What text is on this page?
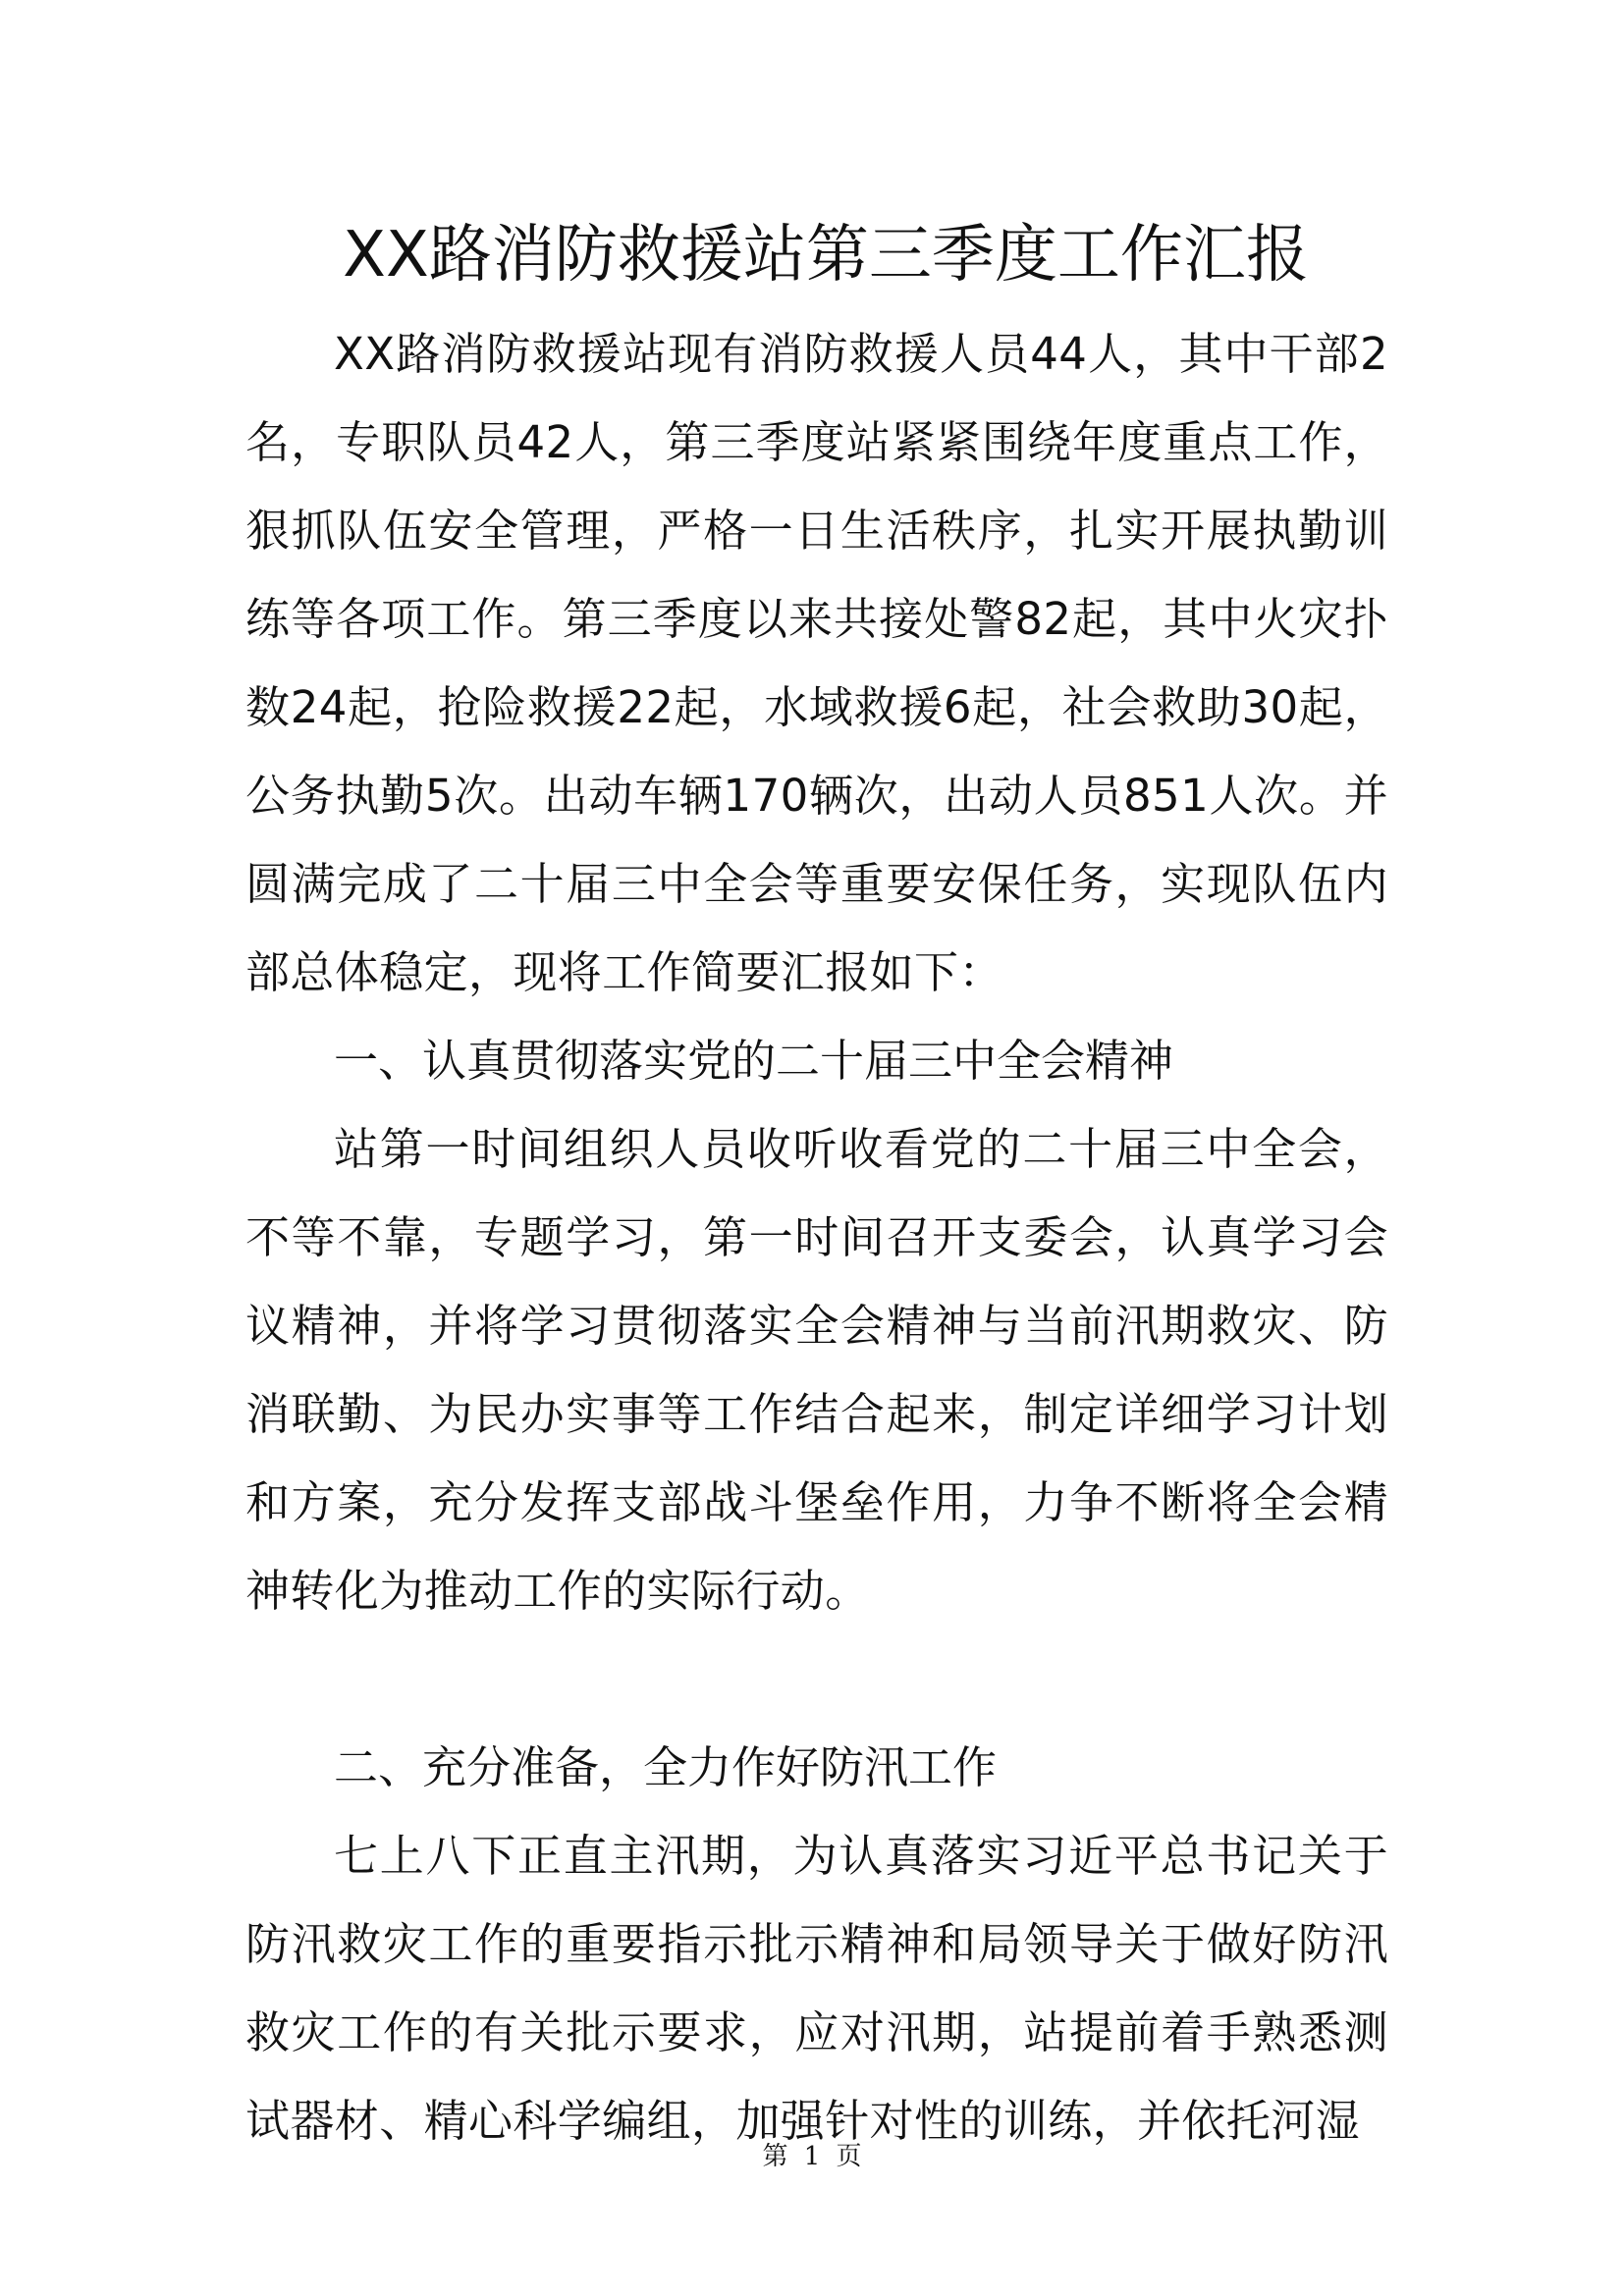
XX路消防救援站第三季度工作汇报

XX路消防救援站现有消防救援人员44人，其中干部2名，专职队员42人，第三季度站紧紧围绕年度重点工作，狠抓队伍安全管理，严格一日生活秩序，扎实开展执勤训练等各项工作。第三季度以来共接处警82起，其中火灾扑数24起，抢险救援22起，水域救援6起，社会救助30起，公务执勤5次。出动车辆170辆次，出动人员851人次。并圆满完成了二十届三中全会等重要安保任务，实现队伍内部总体稳定，现将工作简要汇报如下：

一、认真贯彻落实党的二十届三中全会精神

站第一时间组织人员收听收看党的二十届三中全会，不等不靠，专题学习，第一时间召开支委会，认真学习会议精神，并将学习贯彻落实全会精神与当前汛期救灾、防消联勤、为民办实事等工作结合起来，制定详细学习计划和方案，充分发挥支部战斗堡垒作用，力争不断将全会精神转化为推动工作的实际行动。

二、充分准备，全力作好防汛工作

七上八下正直主汛期，为认真落实习近平总书记关于防汛救灾工作的重要指示批示精神和局领导关于做好防汛救灾工作的有关批示要求，应对汛期，站提前着手熟悉测试器材、精心科学编组，加强针对性的训练，并依托河湿

第 1 页
